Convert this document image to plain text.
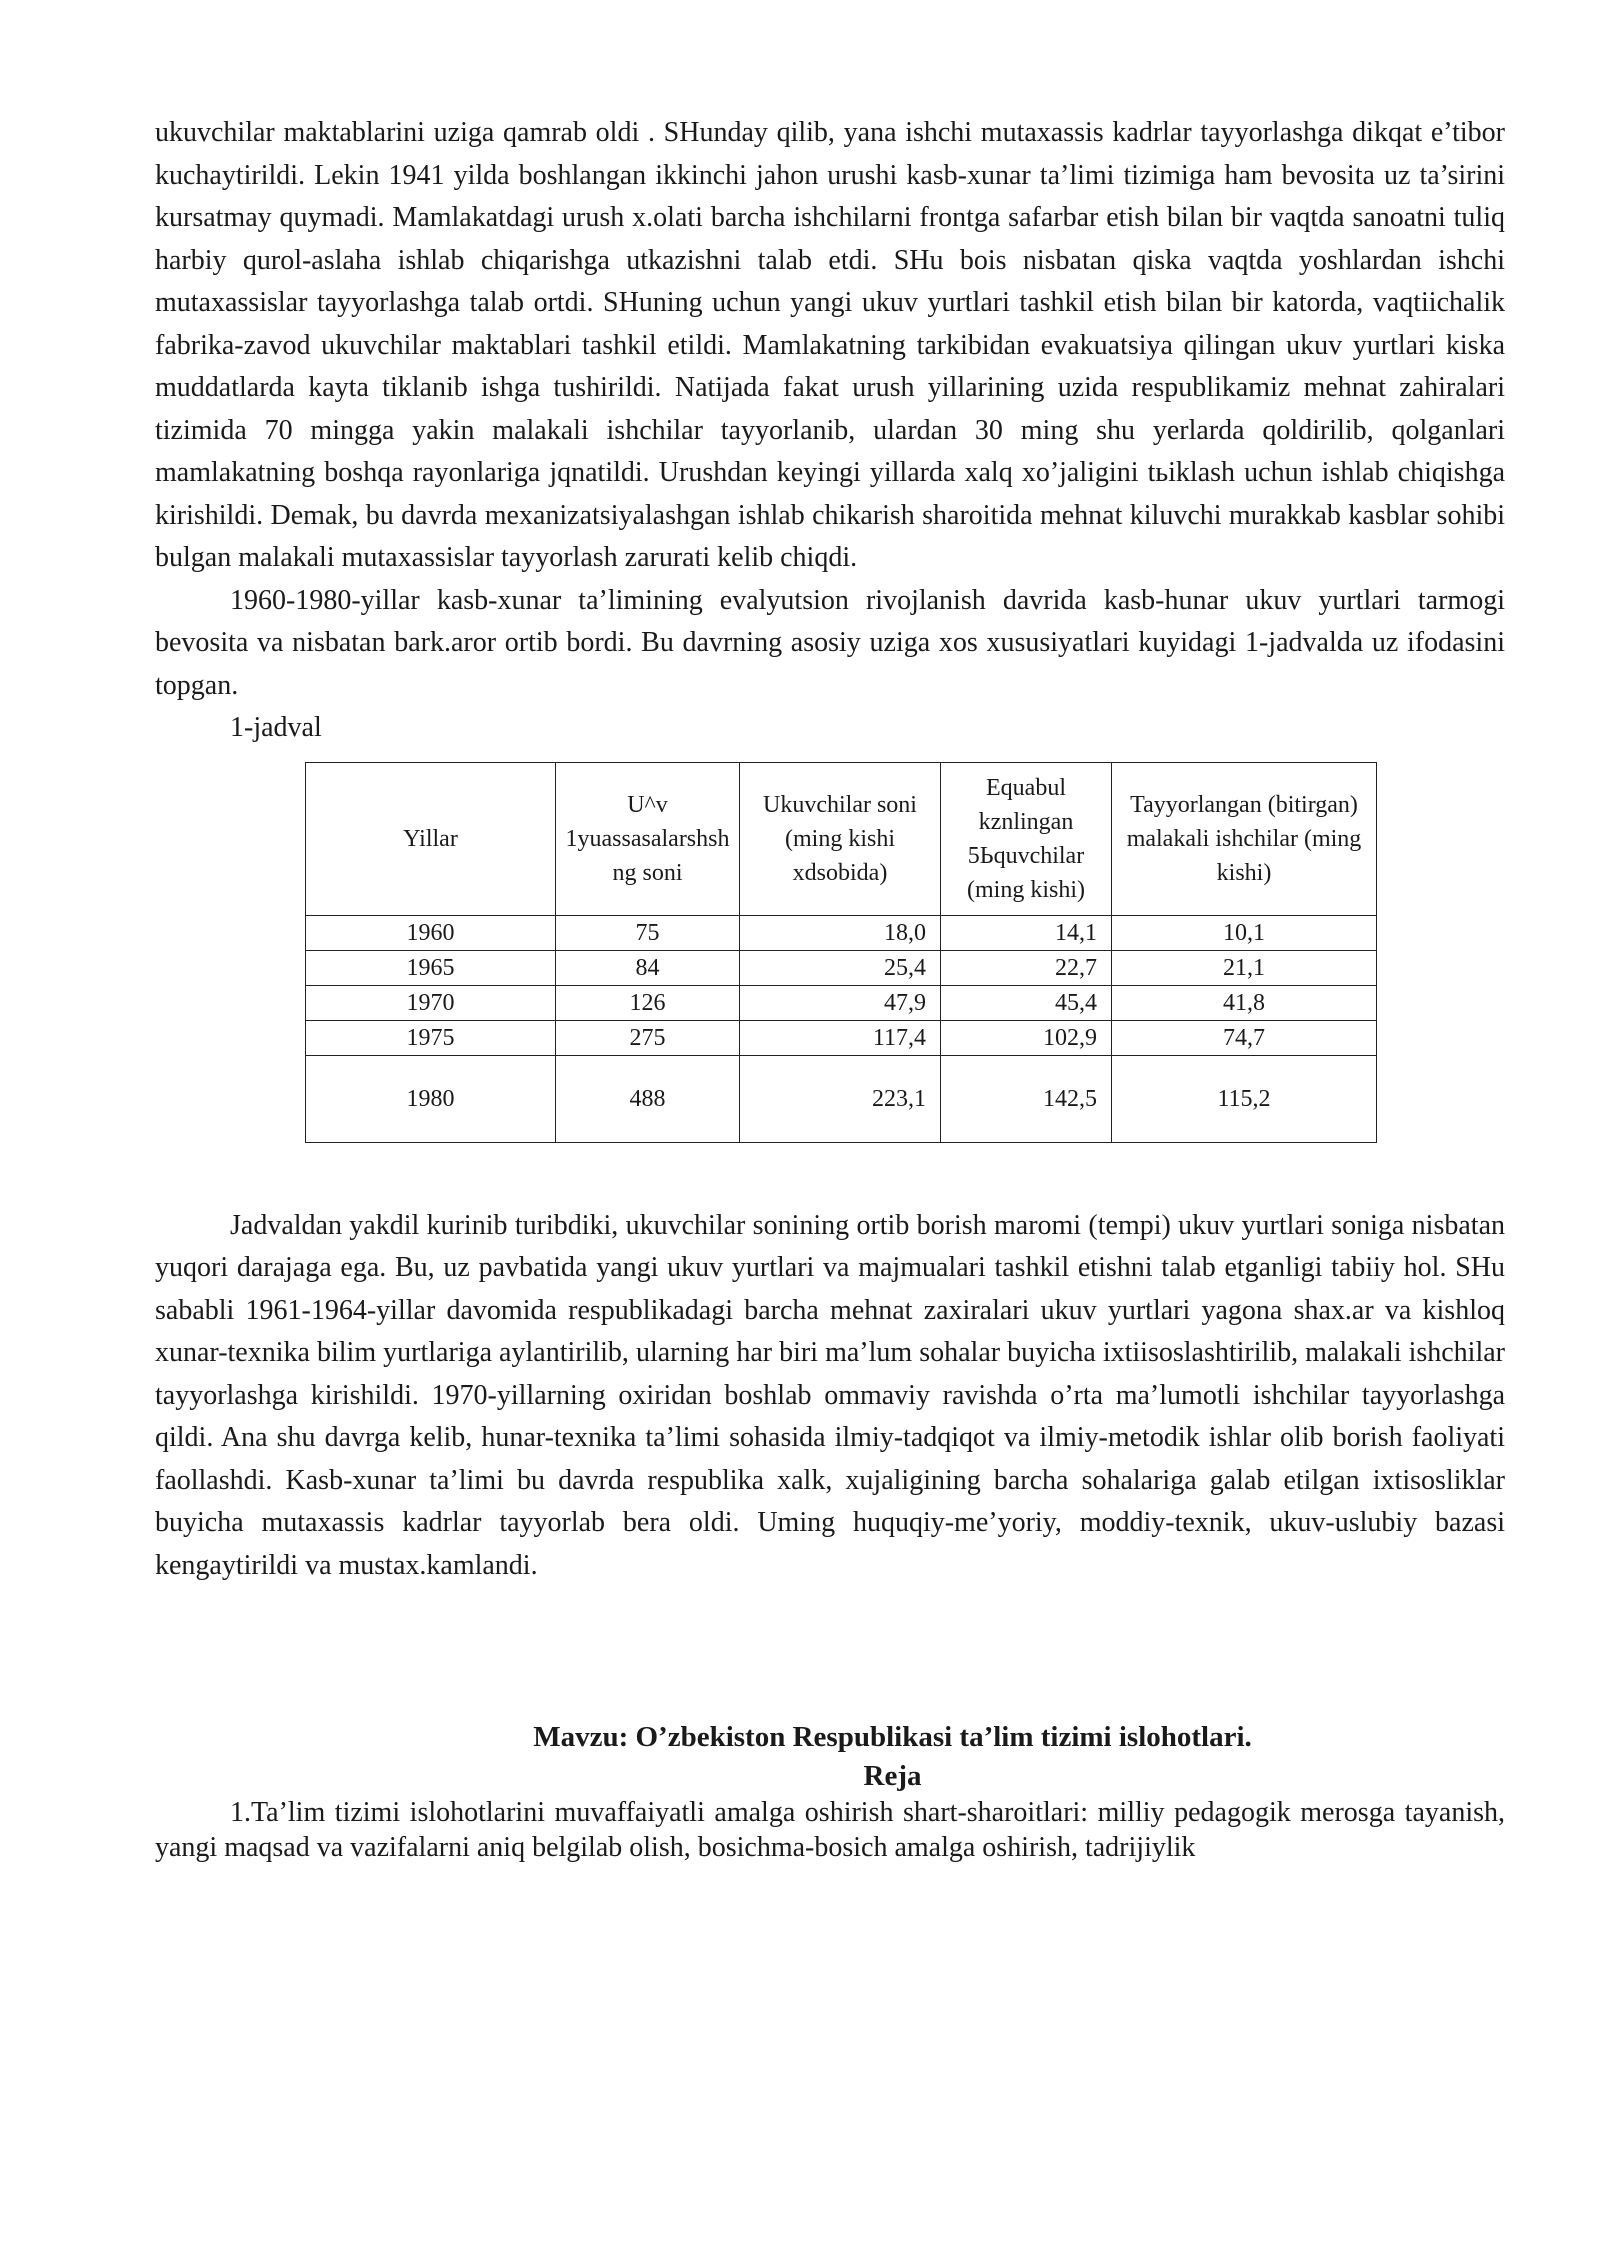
ukuvchilar maktablarini uziga qamrab oldi . SHunday qilib, yana ishchi mutaxassis kadrlar tayyorlashga dikqat e’tibor kuchaytirildi. Lekin 1941 yilda boshlangan ikkinchi jahon urushi kasb-xunar ta’limi tizimiga ham bevosita uz ta’sirini kursatmay quymadi. Mamlakatdagi urush x.olati barcha ishchilarni frontga safarbar etish bilan bir vaqtda sanoatni tuliq harbiy qurol-aslaha ishlab chiqarishga utkazishni talab etdi. SHu bois nisbatan qiska vaqtda yoshlardan ishchi mutaxassislar tayyorlashga talab ortdi. SHuning uchun yangi ukuv yurtlari tashkil etish bilan bir katorda, vaqtiichalik fabrika-zavod ukuvchilar maktablari tashkil etildi. Mamlakatning tarkibidan evakuatsiya qilingan ukuv yurtlari kiska muddatlarda kayta tiklanib ishga tushirildi. Natijada fakat urush yillarining uzida respublikamiz mehnat zahiralari tizimida 70 mingga yakin malakali ishchilar tayyorlanib, ulardan 30 ming shu yerlarda qoldirilib, qolganlari mamlakatning boshqa rayonlariga jqnatildi. Urushdan keyingi yillarda xalq xo’jaligini tьiklash uchun ishlab chiqishga kirishildi. Demak, bu davrda mexanizatsiyalashgan ishlab chikarish sharoitida mehnat kiluvchi murakkab kasblar sohibi bulgan malakali mutaxassislar tayyorlash zarurati kelib chiqdi.

1960-1980-yillar kasb-xunar ta’limining evalyutsion rivojlanish davrida kasb-hunar ukuv yurtlari tarmogi bevosita va nisbatan bark.aror ortib bordi. Bu davrning asosiy uziga xos xususiyatlari kuyidagi 1-jadvalda uz ifodasini topgan.

1-jadval

Yillar	U^v 1yuassasalarshsh ng soni	Ukuvchilar soni (ming kishi xdsobida)	Equabul kznlingan 5Ьquvchilar (ming kishi)	Tayyorlangan (bitirgan) malakali ishchilar (ming kishi)
1960	75	18,0	14,1	10,1
1965	84	25,4	22,7	21,1
1970	126	47,9	45,4	41,8
1975	275	117,4	102,9	74,7
1980	488	223,1	142,5	115,2

Jadvaldan yakdil kurinib turibdiki, ukuvchilar sonining ortib borish maromi (tempi) ukuv yurtlari soniga nisbatan yuqori darajaga ega. Bu, uz pavbatida yangi ukuv yurtlari va majmualari tashkil etishni talab etganligi tabiiy hol. SHu sababli 1961-1964-yillar davomida respublikadagi barcha mehnat zaxiralari ukuv yurtlari yagona shax.ar va kishloq xunar-texnika bilim yurtlariga aylantirilib, ularning har biri ma’lum sohalar buyicha ixtiisoslashtirilib, malakali ishchilar tayyorlashga kirishildi. 1970-yillarning oxiridan boshlab ommaviy ravishda o’rta ma’lumotli ishchilar tayyorlashga qildi. Ana shu davrga kelib, hunar-texnika ta’limi sohasida ilmiy-tadqiqot va ilmiy-metodik ishlar olib borish faoliyati faollashdi. Kasb-xunar ta’limi bu davrda respublika xalk, xujaligining barcha sohalariga galab etilgan ixtisosliklar buyicha mutaxassis kadrlar tayyorlab bera oldi. Uming huquqiy-me’yoriy, moddiy-texnik, ukuv-uslubiy bazasi kengaytirildi va mustax.kamlandi.

Mavzu: O’zbekiston Respublikasi ta’lim tizimi islohotlari.

Reja

1.Ta’lim tizimi islohotlarini muvaffaiyatli amalga oshirish shart-sharoitlari: milliy pedagogik merosga tayanish, yangi maqsad va vazifalarni aniq belgilab olish, bosichma-bosich amalga oshirish, tadrijiylik
